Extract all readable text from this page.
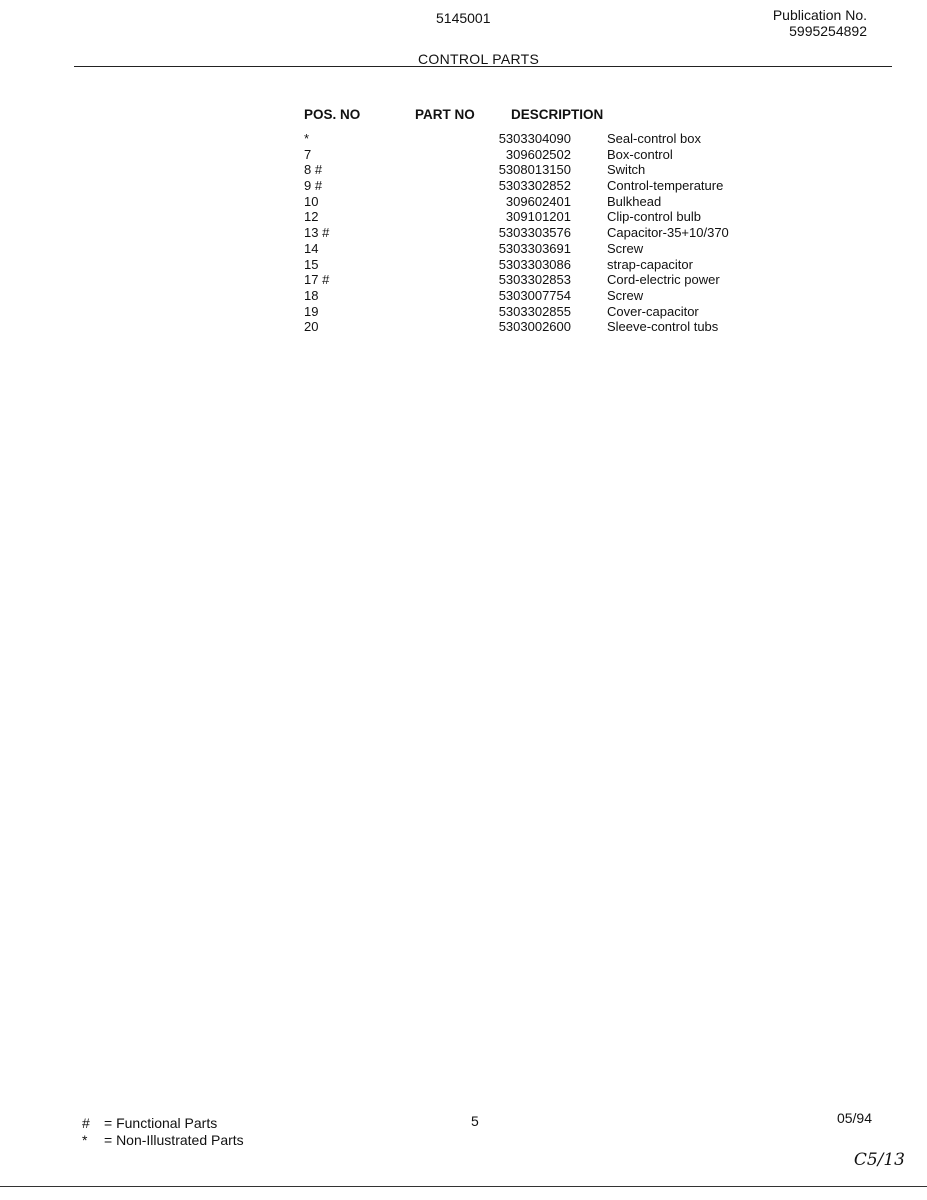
5145001	Publication No.
5995254892
CONTROL PARTS
POS. NO	PART NO	DESCRIPTION
*	5303304090	Seal-control box
7	309602502	Box-control
8 #	5308013150	Switch
9 #	5303302852	Control-temperature
10	309602401	Bulkhead
12	309101201	Clip-control bulb
13 #	5303303576	Capacitor-35+10/370
14	5303303691	Screw
15	5303303086	strap-capacitor
17 #	5303302853	Cord-electric power
18	5303007754	Screw
19	5303302855	Cover-capacitor
20	5303002600	Sleeve-control tubs
#	= Functional Parts
*	= Non-Illustrated Parts
5	05/94
C5/13
